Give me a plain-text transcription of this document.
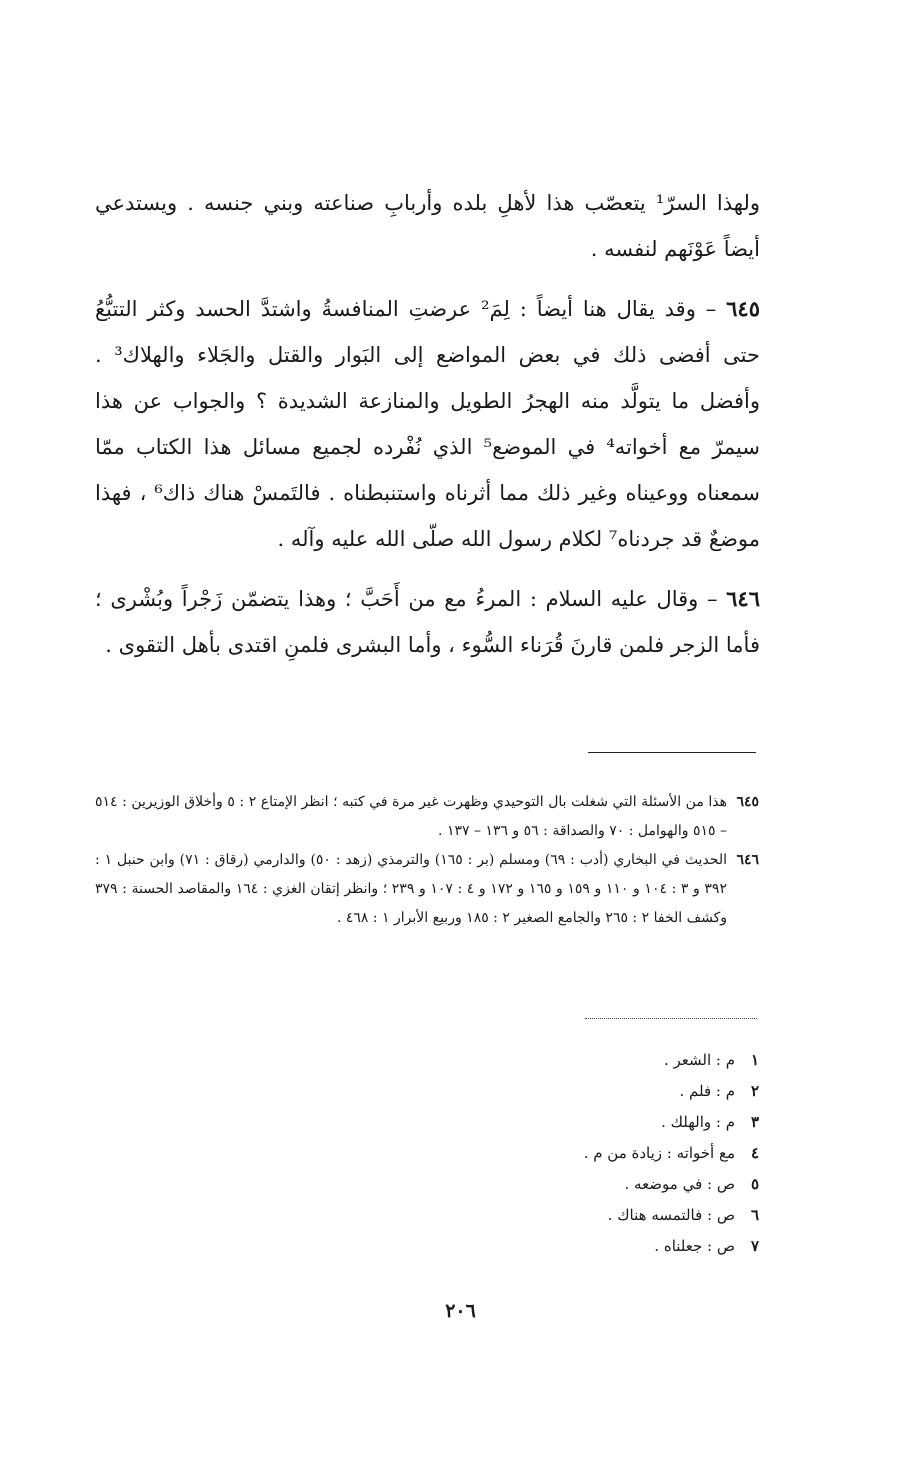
ولهذا السرّ¹ يتعصّب هذا لأهلِ بلده وأربابِ صناعته وبني جنسه . ويستدعي أيضاً عَوْنَهم لنفسه .

٦٤٥ – وقد يقال هنا أيضاً : لِمَ² عرضتِ المنافسةُ واشتدَّ الحسد وكثر التتبُّعُ حتى أفضى ذلك في بعض المواضع إلى البَوار والقتل والجَلاء والهلاك³ . وأفضل ما يتولَّد منه الهجرُ الطويل والمنازعة الشديدة ؟ والجواب عن هذا سيمرّ مع أخواته⁴ في الموضع⁵ الذي نُفْرده لجميع مسائل هذا الكتاب ممّا سمعناه ووعيناه وغير ذلك مما أثرناه واستنبطناه . فالتَمسْ هناك ذاك⁶ ، فهذا موضعٌ قد جردناه⁷ لكلام رسول الله صلّى الله عليه وآله .

٦٤٦ – وقال عليه السلام : المرءُ مع من أَحَبَّ ؛ وهذا يتضمّن زَجْراً وبُشْرى ؛ فأما الزجر فلمن قارنَ قُرَناء السُّوء ، وأما البشرى فلمنِ اقتدى بأهل التقوى .

٦٤٥
هذا من الأسئلة التي شغلت بال التوحيدي وظهرت غير مرة في كتبه ؛ انظر الإمتاع ٢ : ٥ وأخلاق الوزيرين : ٥١٤ – ٥١٥ والهوامل : ٧٠ والصداقة : ٥٦ و ١٣٦ – ١٣٧ .

٦٤٦
الحديث في البخاري (أدب : ٦٩) ومسلم (بر : ١٦٥) والترمذي (زهد : ٥٠) والدارمي (رقاق : ٧١) وابن حنبل ١ : ٣٩٢ و ٣ : ١٠٤ و ١١٠ و ١٥٩ و ١٦٥ و ١٧٢ و ٤ : ١٠٧ و ٢٣٩ ؛ وانظر إتقان الغزي : ١٦٤ والمقاصد الحسنة : ٣٧٩ وكشف الخفا ٢ : ٢٦٥ والجامع الصغير ٢ : ١٨٥ وربيع الأبرار ١ : ٤٦٨ .

١م : الشعر .
٢م : فلم .
٣م : والهلك .
٤مع أخواته : زيادة من م .
٥ص : في موضعه .
٦ص : فالتمسه هناك .
٧ص : جعلناه .
٢٠٦
